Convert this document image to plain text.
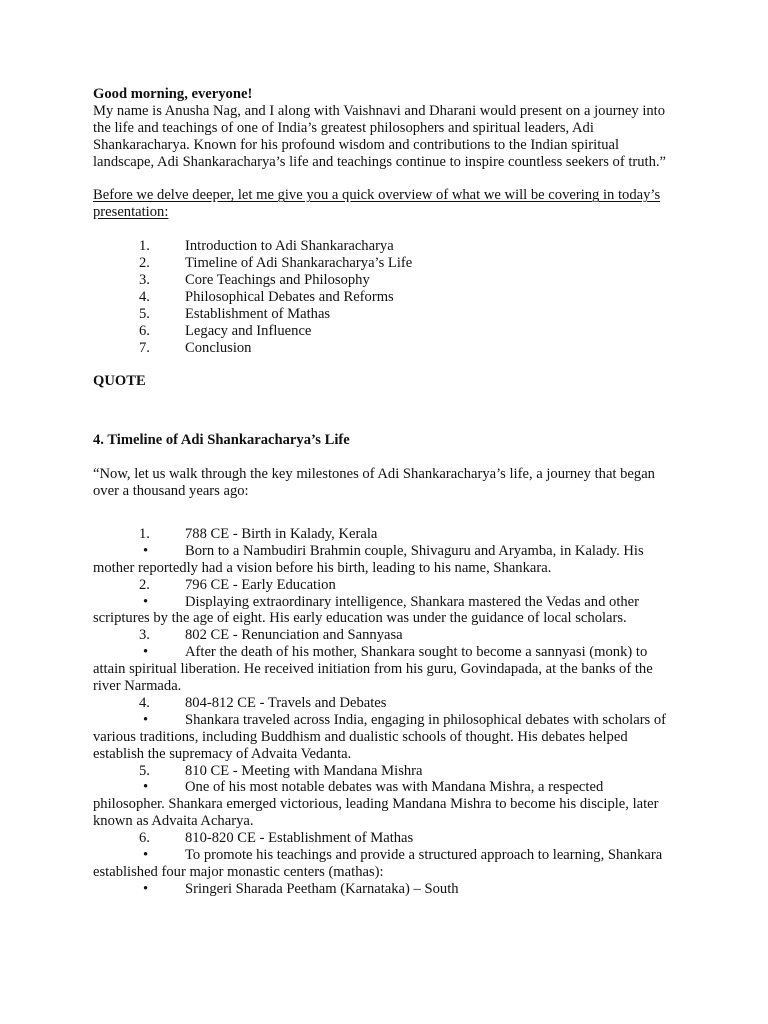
Good morning, everyone!

My name is Anusha Nag, and I along with Vaishnavi and Dharani would present on a journey into the life and teachings of one of India’s greatest philosophers and spiritual leaders, Adi Shankaracharya. Known for his profound wisdom and contributions to the Indian spiritual landscape, Adi Shankaracharya’s life and teachings continue to inspire countless seekers of truth.”

Before we delve deeper, let me give you a quick overview of what we will be covering in today’s presentation:

1.	Introduction to Adi Shankaracharya
2.	Timeline of Adi Shankaracharya’s Life
3.	Core Teachings and Philosophy
4.	Philosophical Debates and Reforms
5.	Establishment of Mathas
6.	Legacy and Influence
7.	Conclusion

QUOTE

4. Timeline of Adi Shankaracharya’s Life

“Now, let us walk through the key milestones of Adi Shankaracharya’s life, a journey that began over a thousand years ago:

1.	788 CE - Birth in Kalady, Kerala

•	Born to a Nambudiri Brahmin couple, Shivaguru and Aryamba, in Kalady. His mother reportedly had a vision before his birth, leading to his name, Shankara.

2.	796 CE - Early Education

•	Displaying extraordinary intelligence, Shankara mastered the Vedas and other scriptures by the age of eight. His early education was under the guidance of local scholars.

3.	802 CE - Renunciation and Sannyasa

•	After the death of his mother, Shankara sought to become a sannyasi (monk) to attain spiritual liberation. He received initiation from his guru, Govindapada, at the banks of the river Narmada.

4.	804-812 CE - Travels and Debates

•	Shankara traveled across India, engaging in philosophical debates with scholars of various traditions, including Buddhism and dualistic schools of thought. His debates helped establish the supremacy of Advaita Vedanta.

5.	810 CE - Meeting with Mandana Mishra

•	One of his most notable debates was with Mandana Mishra, a respected philosopher. Shankara emerged victorious, leading Mandana Mishra to become his disciple, later known as Advaita Acharya.

6.	810-820 CE - Establishment of Mathas

•	To promote his teachings and provide a structured approach to learning, Shankara established four major monastic centers (mathas):

•	Sringeri Sharada Peetham (Karnataka) – South
